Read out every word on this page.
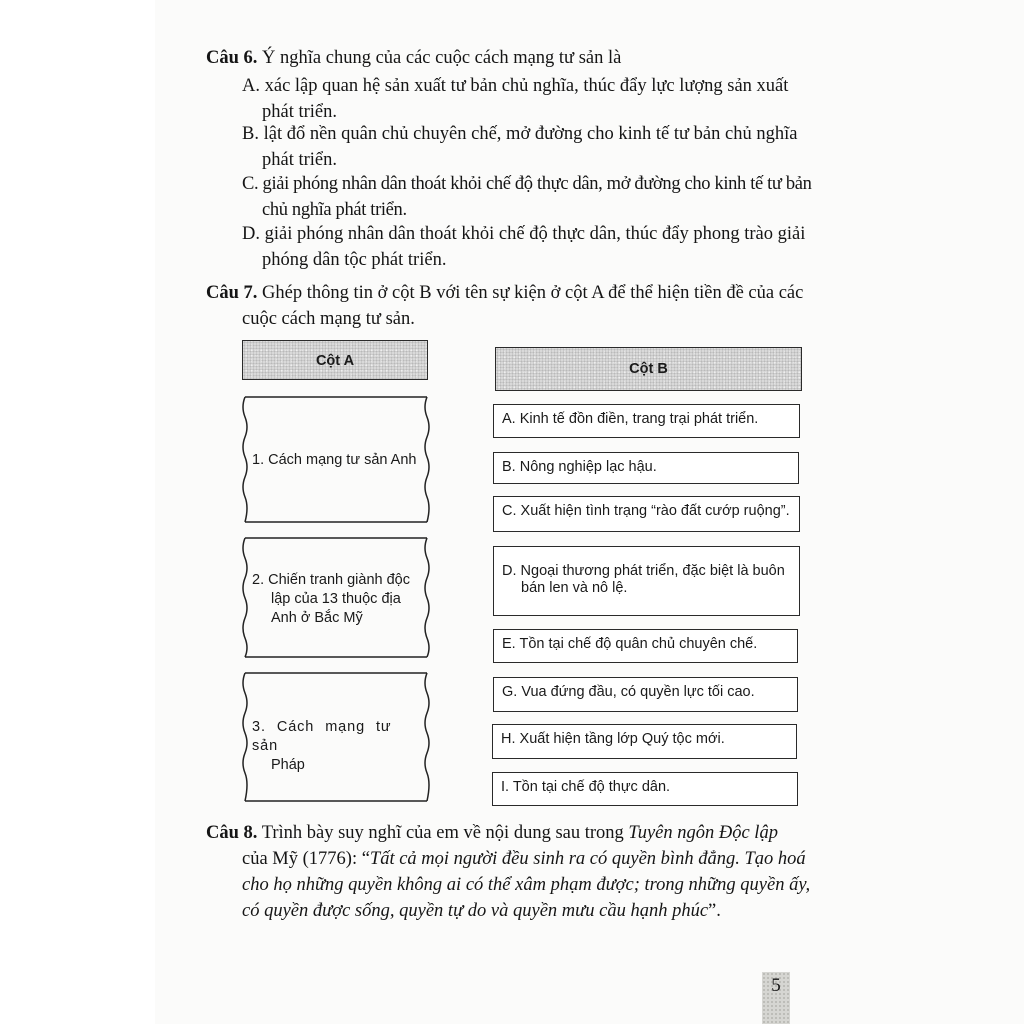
Câu 6. Ý nghĩa chung của các cuộc cách mạng tư sản là
A. xác lập quan hệ sản xuất tư bản chủ nghĩa, thúc đẩy lực lượng sản xuất
phát triển.
B. lật đổ nền quân chủ chuyên chế, mở đường cho kinh tế tư bản chủ nghĩa
phát triển.
C. giải phóng nhân dân thoát khỏi chế độ thực dân, mở đường cho kinh tế tư bản
chủ nghĩa phát triển.
D. giải phóng nhân dân thoát khỏi chế độ thực dân, thúc đẩy phong trào giải
phóng dân tộc phát triển.
Câu 7. Ghép thông tin ở cột B với tên sự kiện ở cột A để thể hiện tiền đề của các
cuộc cách mạng tư sản.
Cột A	Cột B
1. Cách mạng tư sản Anh
2. Chiến tranh giành độc
lập của 13 thuộc địa
Anh ở Bắc Mỹ
3. Cách mạng tư sản
Pháp
A. Kinh tế đồn điền, trang trại phát triển.
B. Nông nghiệp lạc hậu.
C. Xuất hiện tình trạng “rào đất cướp ruộng”.
D. Ngoại thương phát triển, đặc biệt là buôn
bán len và nô lệ.
E. Tồn tại chế độ quân chủ chuyên chế.
G. Vua đứng đầu, có quyền lực tối cao.
H. Xuất hiện tầng lớp Quý tộc mới.
I. Tồn tại chế độ thực dân.
Câu 8. Trình bày suy nghĩ của em về nội dung sau trong Tuyên ngôn Độc lập
của Mỹ (1776): “Tất cả mọi người đều sinh ra có quyền bình đẳng. Tạo hoá
cho họ những quyền không ai có thể xâm phạm được; trong những quyền ấy,
có quyền được sống, quyền tự do và quyền mưu cầu hạnh phúc”.
5
